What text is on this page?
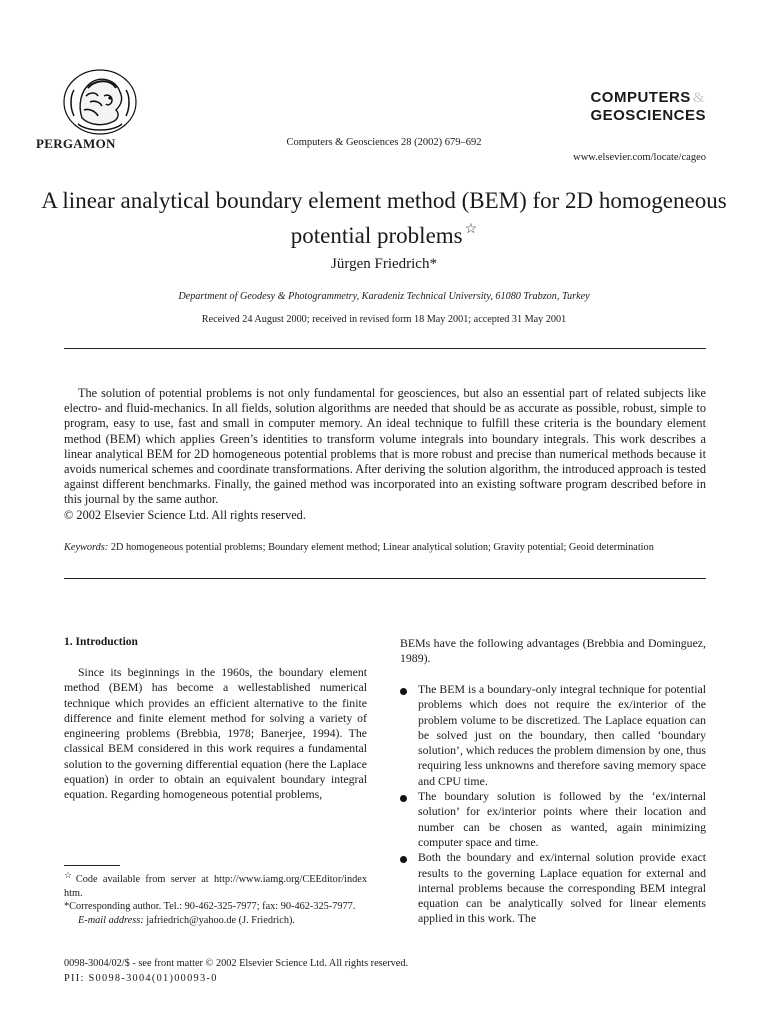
PERGAMON	Computers & Geosciences 28 (2002) 679–692
COMPUTERS &
GEOSCIENCES
www.elsevier.com/locate/cageo
A linear analytical boundary element method (BEM) for 2D homogeneous potential problems ☆
Jürgen Friedrich*
Department of Geodesy & Photogrammetry, Karadeniz Technical University, 61080 Trabzon, Turkey
Received 24 August 2000; received in revised form 18 May 2001; accepted 31 May 2001

The solution of potential problems is not only fundamental for geosciences, but also an essential part of related subjects like electro- and fluid-mechanics. In all fields, solution algorithms are needed that should be as accurate as possible, robust, simple to program, easy to use, fast and small in computer memory. An ideal technique to fulfill these criteria is the boundary element method (BEM) which applies Green’s identities to transform volume integrals into boundary integrals. This work describes a linear analytical BEM for 2D homogeneous potential problems that is more robust and precise than numerical methods because it avoids numerical schemes and coordinate transformations. After deriving the solution algorithm, the introduced approach is tested against different benchmarks. Finally, the gained method was incorporated into an existing software program described before in this journal by the same author.
© 2002 Elsevier Science Ltd. All rights reserved.

Keywords: 2D homogeneous potential problems; Boundary element method; Linear analytical solution; Gravity potential; Geoid determination

1. Introduction

Since its beginnings in the 1960s, the boundary element method (BEM) has become a wellestablished numerical technique which provides an efficient alternative to the finite difference and finite element method for solving a variety of engineering problems (Brebbia, 1978; Banerjee, 1994). The classical BEM considered in this work requires a fundamental solution to the governing differential equation (here the Laplace equation) in order to obtain an equivalent boundary integral equation. Regarding homogeneous potential problems,

BEMs have the following advantages (Brebbia and Dominguez, 1989).

The BEM is a boundary-only integral technique for potential problems which does not require the ex/interior of the problem volume to be discretized. The Laplace equation can be solved just on the boundary, then called ‘boundary solution’, which reduces the problem dimension by one, thus requiring less unknowns and therefore saving memory space and CPU time.
The boundary solution is followed by the ‘ex/internal solution’ for ex/interior points where their location and number can be chosen as wanted, again minimizing computer space and time.
Both the boundary and ex/internal solution provide exact results to the governing Laplace equation for external and internal problems because the corresponding BEM integral equation can be analytically solved for linear elements applied in this work. The

☆Code available from server at http://www.iamg.org/CEEditor/index htm.

*Corresponding author. Tel.: 90-462-325-7977; fax: 90-462-325-7977.

E-mail address: jafriedrich@yahoo.de (J. Friedrich).

0098-3004/02/$ - see front matter © 2002 Elsevier Science Ltd. All rights reserved.
PII: S0098-3004(01)00093-0
